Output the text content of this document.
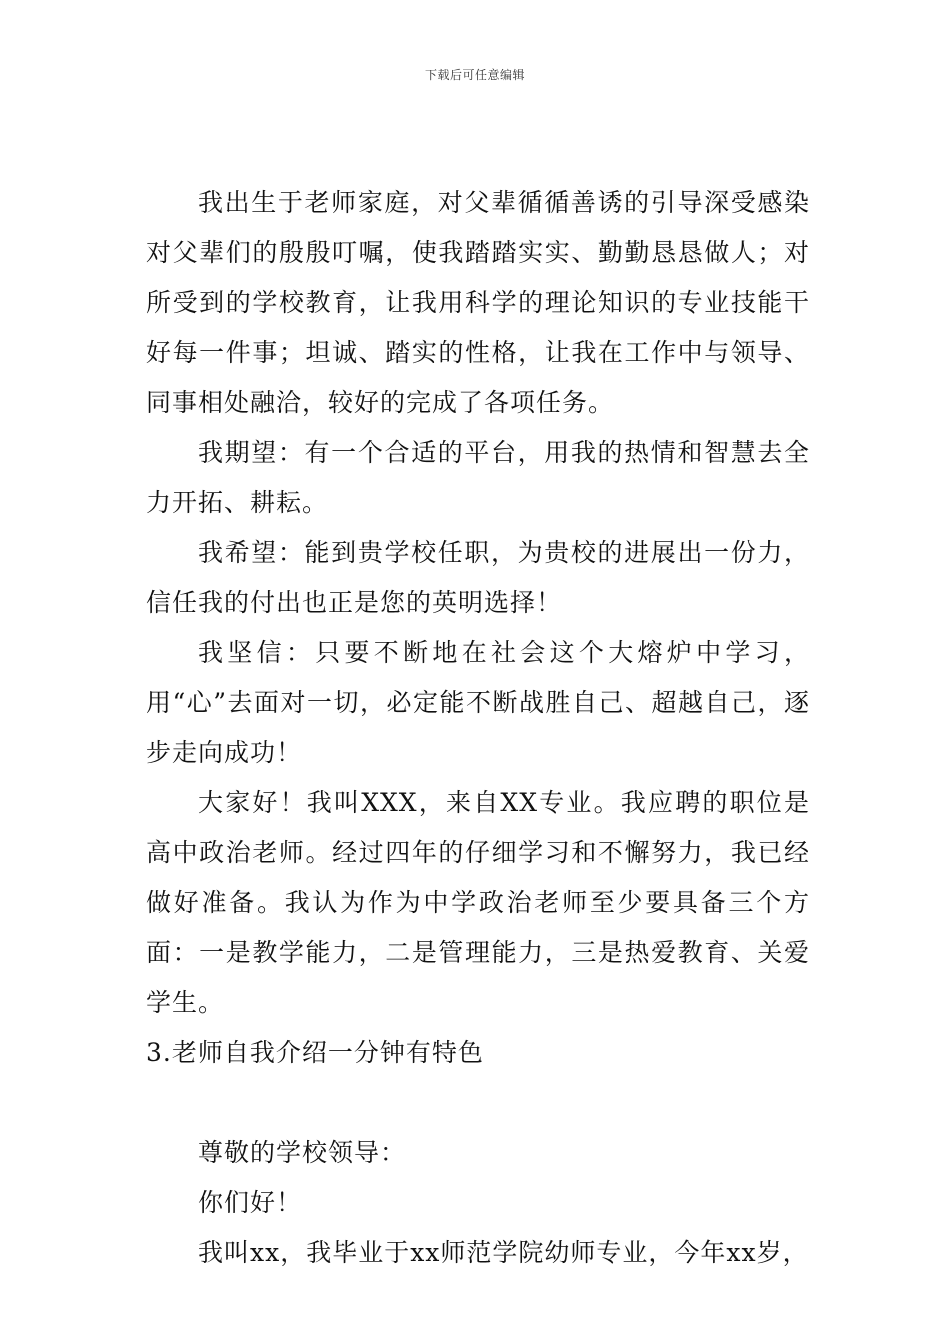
下载后可任意编辑

我出生于老师家庭，对父辈循循善诱的引导深受感染对父辈们的殷殷叮嘱，使我踏踏实实、勤勤恳恳做人；对所受到的学校教育，让我用科学的理论知识的专业技能干好每一件事；坦诚、踏实的性格，让我在工作中与领导、同事相处融洽，较好的完成了各项任务。

我期望：有一个合适的平台，用我的热情和智慧去全力开拓、耕耘。

我希望：能到贵学校任职，为贵校的进展出一份力，信任我的付出也正是您的英明选择！

我坚信：只要不断地在社会这个大熔炉中学习，用“心”去面对一切，必定能不断战胜自己、超越自己，逐步走向成功！

大家好！我叫XXX，来自XX专业。我应聘的职位是高中政治老师。经过四年的仔细学习和不懈努力，我已经做好准备。我认为作为中学政治老师至少要具备三个方面：一是教学能力，二是管理能力，三是热爱教育、关爱学生。

3.老师自我介绍一分钟有特色

尊敬的学校领导：

你们好！

我叫xx，我毕业于xx师范学院幼师专业，今年xx岁，
